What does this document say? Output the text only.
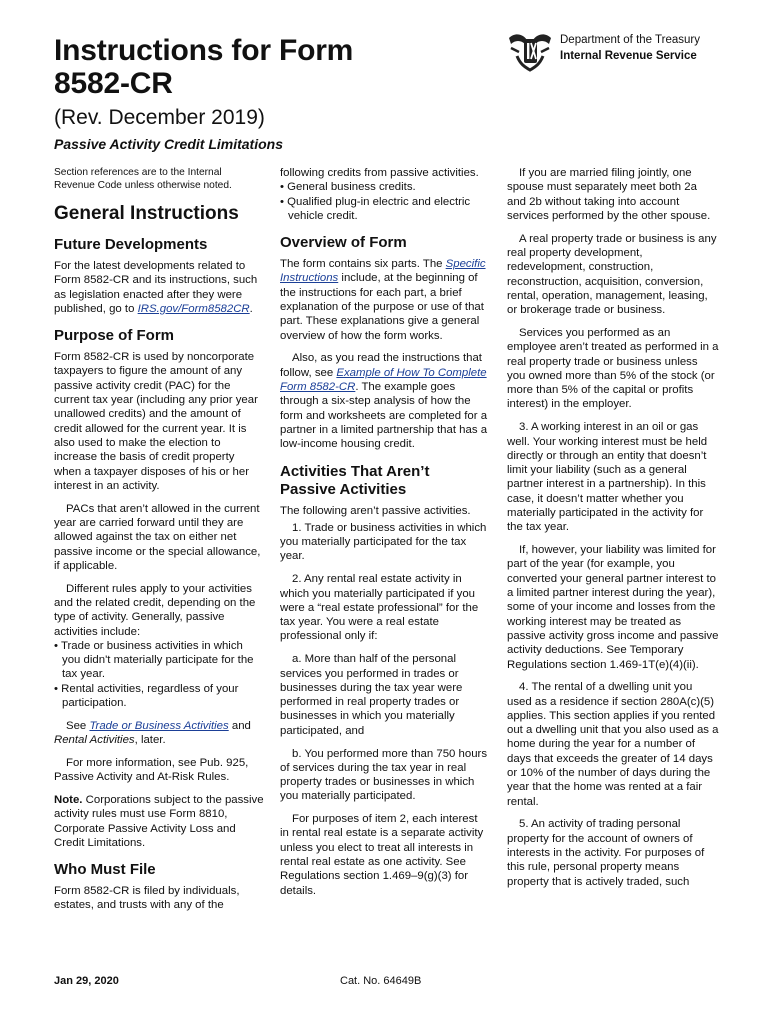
Instructions for Form
8582-CR

(Rev. December 2019)

Passive Activity Credit Limitations

Department of the Treasury
Internal Revenue Service

Section references are to the Internal Revenue Code unless otherwise noted.

General Instructions
Future Developments

For the latest developments related to Form 8582-CR and its instructions, such as legislation enacted after they were published, go to IRS.gov/Form8582CR.

Purpose of Form

Form 8582-CR is used by noncorporate taxpayers to figure the amount of any passive activity credit (PAC) for the current tax year (including any prior year unallowed credits) and the amount of credit allowed for the current year. It is also used to make the election to increase the basis of credit property when a taxpayer disposes of his or her interest in an activity.

PACs that aren’t allowed in the current year are carried forward until they are allowed against the tax on either net passive income or the special allowance, if applicable.

Different rules apply to your activities and the related credit, depending on the type of activity. Generally, passive activities include:

• Trade or business activities in which you didn't materially participate for the tax year.

• Rental activities, regardless of your participation.

See Trade or Business Activities and Rental Activities, later.

For more information, see Pub. 925, Passive Activity and At-Risk Rules.

Note. Corporations subject to the passive activity rules must use Form 8810, Corporate Passive Activity Loss and Credit Limitations.

Who Must File

Form 8582-CR is filed by individuals, estates, and trusts with any of the

following credits from passive activities.

• General business credits.

• Qualified plug-in electric and electric vehicle credit.

Overview of Form

The form contains six parts. The Specific Instructions include, at the beginning of the instructions for each part, a brief explanation of the purpose or use of that part. These explanations give a general overview of how the form works.

Also, as you read the instructions that follow, see Example of How To Complete Form 8582-CR. The example goes through a six-step analysis of how the form and worksheets are completed for a partner in a limited partnership that has a low-income housing credit.

Activities That Aren’t Passive Activities

The following aren’t passive activities.

1. Trade or business activities in which you materially participated for the tax year.

2. Any rental real estate activity in which you materially participated if you were a “real estate professional” for the tax year. You were a real estate professional only if:

a. More than half of the personal services you performed in trades or businesses during the tax year were performed in real property trades or businesses in which you materially participated, and

b. You performed more than 750 hours of services during the tax year in real property trades or businesses in which you materially participated.

For purposes of item 2, each interest in rental real estate is a separate activity unless you elect to treat all interests in rental real estate as one activity. See Regulations section 1.469–9(g)(3) for details.

If you are married filing jointly, one spouse must separately meet both 2a and 2b without taking into account services performed by the other spouse.

A real property trade or business is any real property development, redevelopment, construction, reconstruction, acquisition, conversion, rental, operation, management, leasing, or brokerage trade or business.

Services you performed as an employee aren’t treated as performed in a real property trade or business unless you owned more than 5% of the stock (or more than 5% of the capital or profits interest) in the employer.

3. A working interest in an oil or gas well. Your working interest must be held directly or through an entity that doesn’t limit your liability (such as a general partner interest in a partnership). In this case, it doesn’t matter whether you materially participated in the activity for the tax year.

If, however, your liability was limited for part of the year (for example, you converted your general partner interest to a limited partner interest during the year), some of your income and losses from the working interest may be treated as passive activity gross income and passive activity deductions. See Temporary Regulations section 1.469-1T(e)(4)(ii).

4. The rental of a dwelling unit you used as a residence if section 280A(c)(5) applies. This section applies if you rented out a dwelling unit that you also used as a home during the year for a number of days that exceeds the greater of 14 days or 10% of the number of days during the year that the home was rented at a fair rental.

5. An activity of trading personal property for the account of owners of interests in the activity. For purposes of this rule, personal property means property that is actively traded, such

Jan 29, 2020	Cat. No. 64649B
